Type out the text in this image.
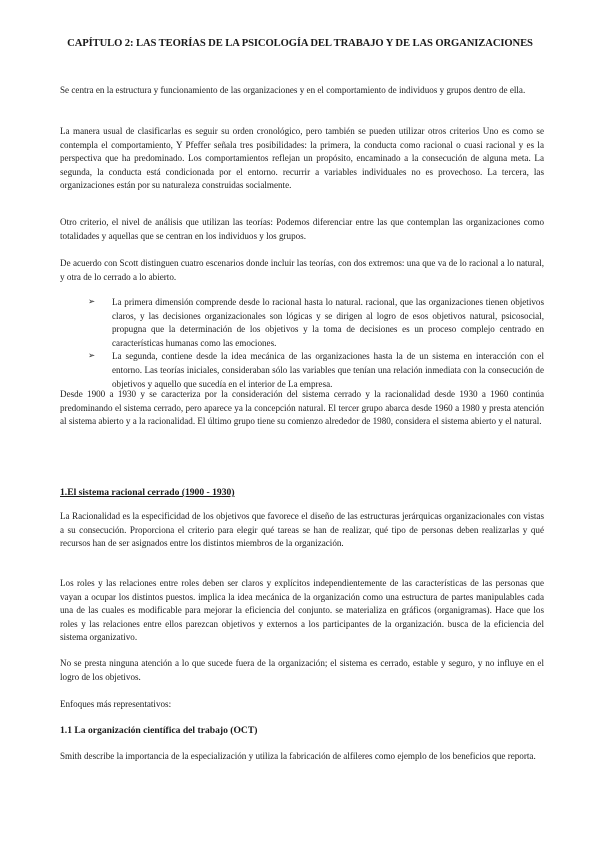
CAPÍTULO 2: LAS TEORÍAS DE LA PSICOLOGÍA DEL TRABAJO Y DE LAS ORGANIZACIONES

Se centra en la estructura y funcionamiento de las organizaciones y en el comportamiento de individuos y grupos dentro de ella.

La manera usual de clasificarlas es seguir su orden cronológico, pero también se pueden utilizar otros criterios Uno es como se contempla el comportamiento, Y Pfeffer señala tres posibilidades: la primera, la conducta como racional o cuasi racional y es la perspectiva que ha predominado. Los comportamientos reflejan un propósito, encaminado a la consecución de alguna meta. La segunda, la conducta está condicionada por el entorno. recurrir a variables individuales no es provechoso. La tercera, las organizaciones están por su naturaleza construidas socialmente.

Otro criterio, el nivel de análisis que utilizan las teorías: Podemos diferenciar entre las que contemplan las organizaciones como totalidades y aquellas que se centran en los individuos y los grupos.

De acuerdo con Scott distinguen cuatro escenarios donde incluir las teorías, con dos extremos: una que va de lo racional a lo natural, y otra de lo cerrado a lo abierto.

➢ La primera dimensión comprende desde lo racional hasta lo natural. racional, que las organizaciones tienen objetivos claros, y las decisiones organizacionales son lógicas y se dirigen al logro de esos objetivos natural, psicosocial, propugna que la determinación de los objetivos y la toma de decisiones es un proceso complejo centrado en características humanas como las emociones.
➢ La segunda, contiene desde la idea mecánica de las organizaciones hasta la de un sistema en interacción con el entorno. Las teorías iniciales, consideraban sólo las variables que tenían una relación inmediata con la consecución de objetivos y aquello que sucedía en el interior de La empresa.

Desde 1900 a 1930 y se caracteriza por la consideración del sistema cerrado y la racionalidad desde 1930 a 1960 continúa predominando el sistema cerrado, pero aparece ya la concepción natural. El tercer grupo abarca desde 1960 a 1980 y presta atención al sistema abierto y a la racionalidad. El último grupo tiene su comienzo alrededor de 1980, considera el sistema abierto y el natural.

1.El sistema racional cerrado (1900 - 1930)

La Racionalidad es la especificidad de los objetivos que favorece el diseño de las estructuras jerárquicas organizacionales con vistas a su consecución. Proporciona el criterio para elegir qué tareas se han de realizar, qué tipo de personas deben realizarlas y qué recursos han de ser asignados entre los distintos miembros de la organización.

Los roles y las relaciones entre roles deben ser claros y explícitos independientemente de las características de las personas que vayan a ocupar los distintos puestos. implica la idea mecánica de la organización como una estructura de partes manipulables cada una de las cuales es modificable para mejorar la eficiencia del conjunto. se materializa en gráficos (organigramas). Hace que los roles y las relaciones entre ellos parezcan objetivos y externos a los participantes de la organización. busca de la eficiencia del sistema organizativo.

No se presta ninguna atención a lo que sucede fuera de la organización; el sistema es cerrado, estable y seguro, y no influye en el logro de los objetivos.

Enfoques más representativos:

1.1 La organización científica del trabajo (OCT)

Smith describe la importancia de la especialización y utiliza la fabricación de alfileres como ejemplo de los beneficios que reporta.
